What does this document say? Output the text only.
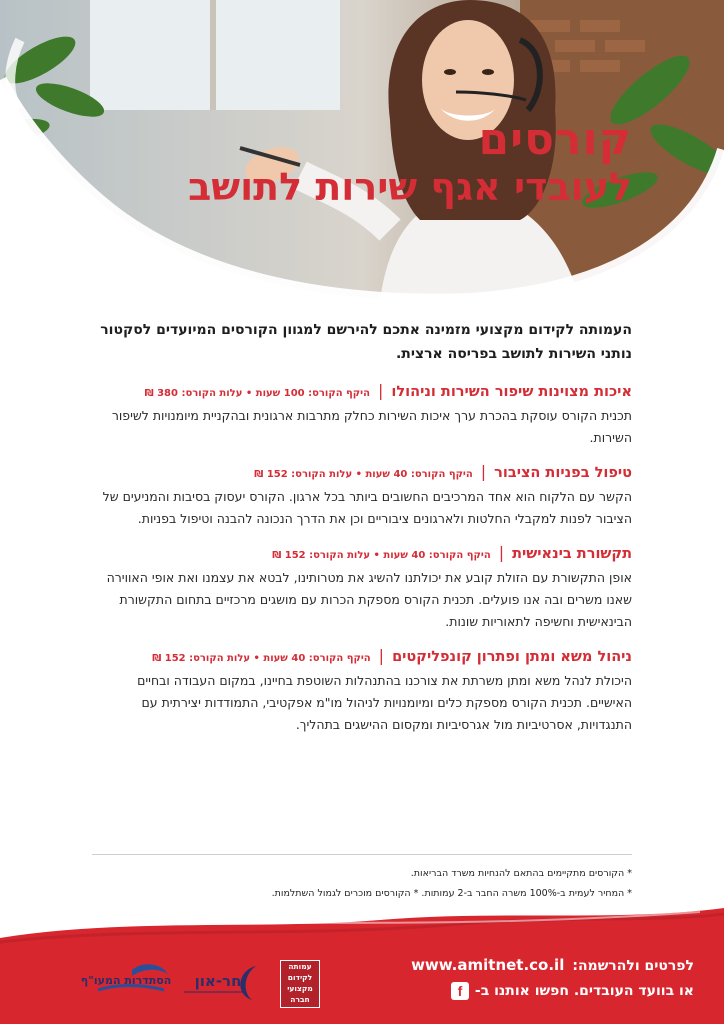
קורסים
לעובדי אגף שירות לתושב

העמותה לקידום מקצועי מזמינה אתכם להירשם למגוון הקורסים המיועדים לסקטור נותני השירות לתושב בפריסה ארצית.

איכות מצוינות שיפור השירות וניהולו
|
היקף הקורס: 100 שעות • עלות הקורס: 380 ₪

תכנית הקורס עוסקת בהכרת ערך איכות השירות כחלק מתרבות ארגונית ובהקניית מיומנויות לשיפור השירות.

טיפול בפניות הציבור
|
היקף הקורס: 40 שעות • עלות הקורס: 152 ₪

הקשר עם הלקוח הוא אחד המרכיבים החשובים ביותר בכל ארגון. הקורס יעסוק בסיבות והמניעים של הציבור לפנות למקבלי החלטות ולארגונים ציבוריים וכן את הדרך הנכונה להבנה וטיפול בפניות.

תקשורת בינאישית
|
היקף הקורס: 40 שעות • עלות הקורס: 152 ₪

אופן התקשורת עם הזולת קובע את יכולתנו להשיג את מטרותינו, לבטא את עצמנו ואת אופי האווירה שאנו משרים ובה אנו פועלים. תכנית הקורס מספקת הכרות עם מושגים מרכזיים בתחום התקשורת הבינאישית וחשיפה לתאוריות שונות.

ניהול משא ומתן ופתרון קונפליקטים
|
היקף הקורס: 40 שעות • עלות הקורס: 152 ₪

היכולת לנהל משא ומתן משרתת את צורכנו בהתנהלות השוטפת בחיינו, במקום העבודה ובחיים האישיים. תכנית הקורס מספקת כלים ומיומנויות לניהול מו"מ אפקטיבי, התמודדות יצירתית עם התנגדויות, אסרטיביות מול אגרסיביות ומקסום ההישגים בתהליך.

* הקורסים מתקיימים בהתאם להנחיות משרד הבריאות.
* המחיר לעמית ב-100% משרה החבר ב-2 עמותות. * הקורסים מוכרים לגמול השתלמות.
לפרטים ולהרשמה:
www.amitnet.co.il
או בוועד העובדים. חפשו אותנו ב-
f
עמותה
לקידום
מקצועי
חברה
חר-און
הסתדרות המעו"ף
